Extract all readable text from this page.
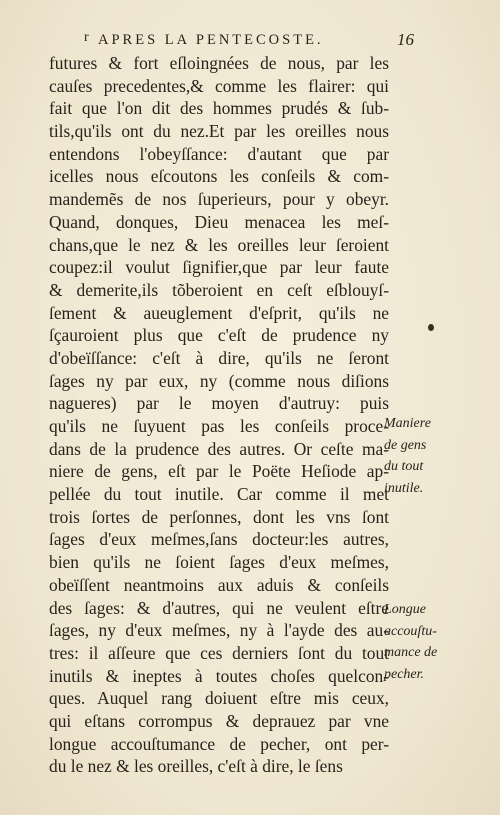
r APRES LA PENTECOSTE.	16
futures & fort eſloingnées de nous, par les
cauſes precedentes,& comme les flairer: qui
fait que l'on dit des hommes prudés & ſub-
tils,qu'ils ont du nez.Et par les oreilles nous
entendons l'obeyſſance: d'autant que par
icelles nous eſcoutons les conſeils & com-
mandemẽs de nos ſuperieurs, pour y obeyr.
Quand, donques, Dieu menacea les meſ-
chans,que le nez & les oreilles leur ſeroient
coupez:il voulut ſignifier,que par leur faute
& demerite,ils tõberoient en ceſt eſblouyſ-
ſement & aueuglement d'eſprit, qu'ils ne
ſçauroient plus que c'eſt de prudence ny
d'obeïſſance: c'eſt à dire, qu'ils ne ſeront
ſages ny par eux, ny (comme nous diſions
nagueres) par le moyen d'autruy: puis
qu'ils ne ſuyuent pas les conſeils proce-
dans de la prudence des autres. Or ceſte ma-
niere de gens, eſt par le Poëte Heſiode ap-
pellée du tout inutile. Car comme il met
trois ſortes de perſonnes, dont les vns ſont
ſages d'eux meſmes,ſans docteur:les autres,
bien qu'ils ne ſoient ſages d'eux meſmes,
obeïſſent neantmoins aux aduis & conſeils
des ſages: & d'autres, qui ne veulent eſtre
ſages, ny d'eux meſmes, ny à l'ayde des au-
tres: il aſſeure que ces derniers ſont du tout
inutils & ineptes à toutes choſes quelcon-
ques. Auquel rang doiuent eſtre mis ceux,
qui eſtans corrompus & deprauez par vne
longue accouſtumance de pecher, ont per-
du le nez & les oreilles, c'eſt à dire, le ſens
Maniere
de gens
du tout
inutile.
Longue
accouſtu-
mance de
pecher.
